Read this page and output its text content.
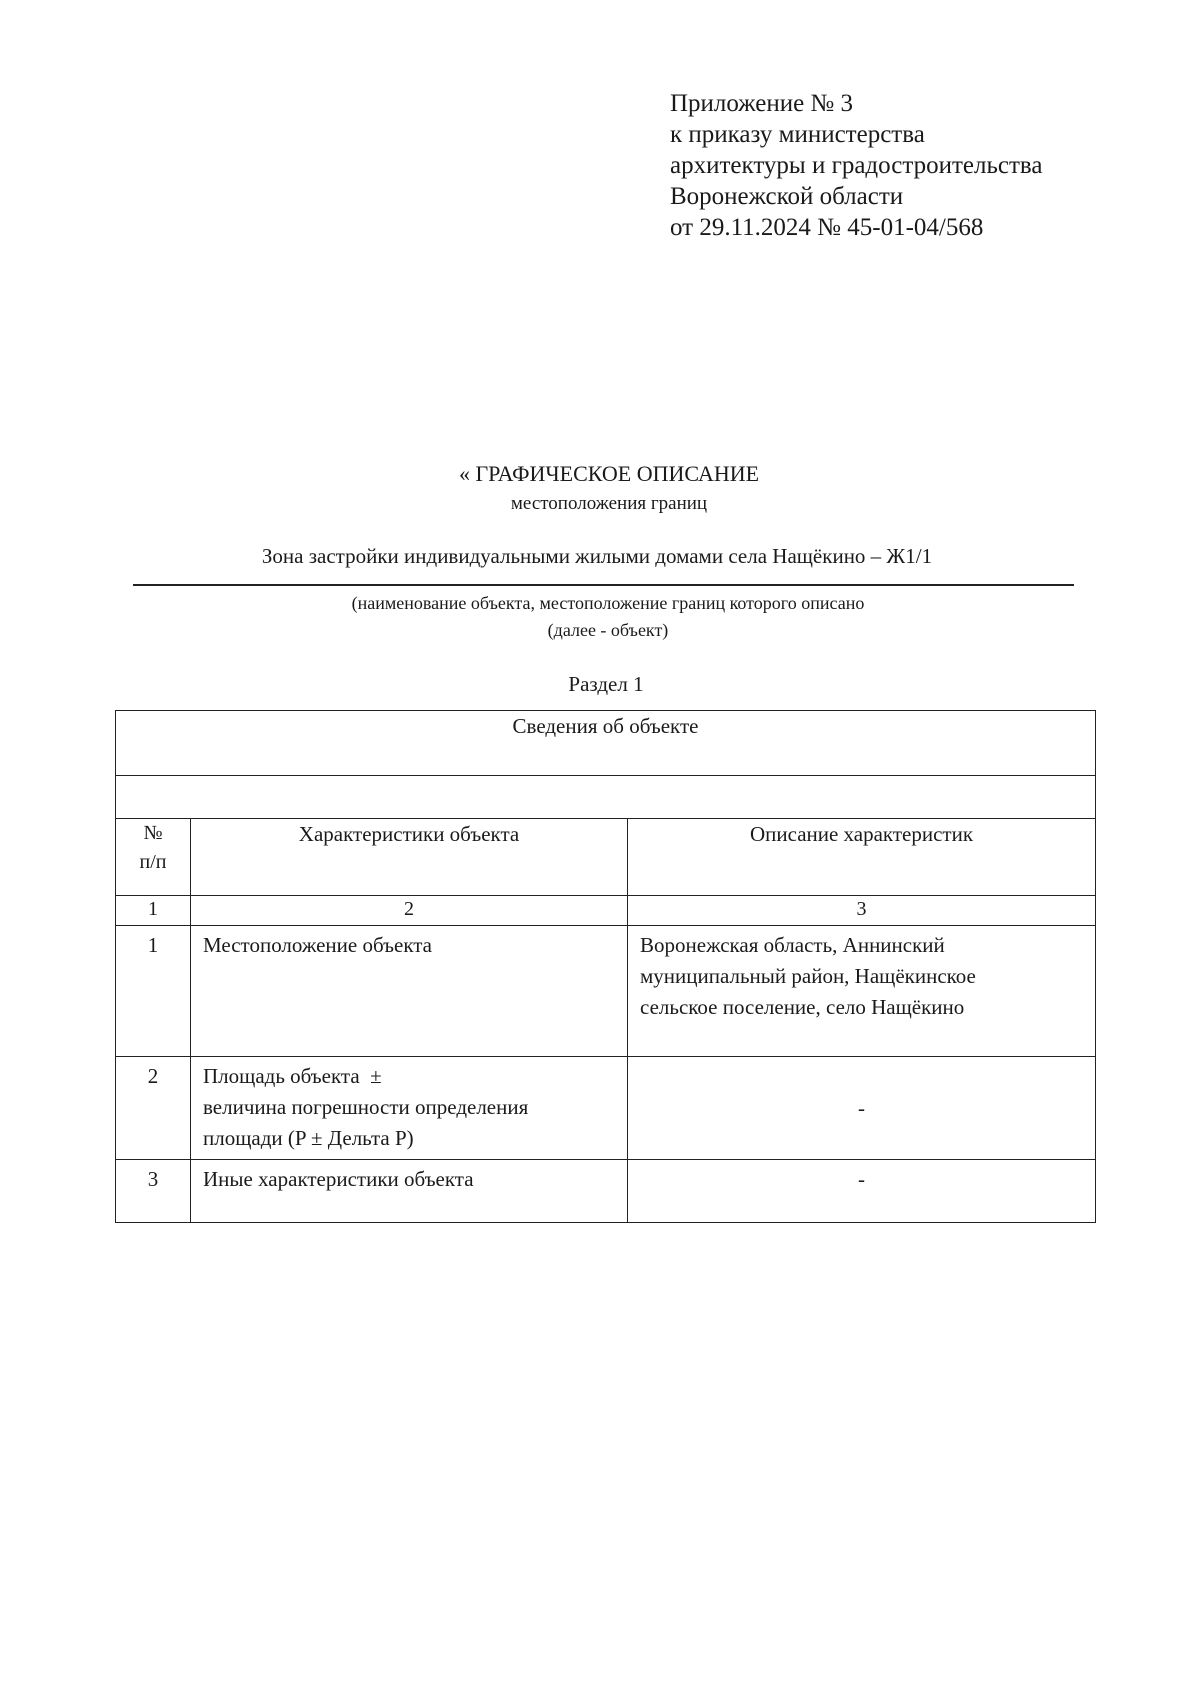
Приложение № 3
к приказу министерства
архитектуры и градостроительства
Воронежской области
от 29.11.2024 № 45-01-04/568
« ГРАФИЧЕСКОЕ ОПИСАНИЕ
местоположения границ
Зона застройки индивидуальными жилыми домами села Нащёкино – Ж1/1
(наименование объекта, местоположение границ которого описано
(далее - объект)
Раздел 1
Сведения об объекте		

№
п/п	Характеристики объекта	Описание характеристик
1	2	3
1	Местоположение объекта	Воронежская область, Аннинский
муниципальный район, Нащёкинское
сельское поселение, село Нащёкино

2	Площадь объекта  ±
величина погрешности определения
площади (P ± Дельта P)	-
3	Иные характеристики объекта	-
